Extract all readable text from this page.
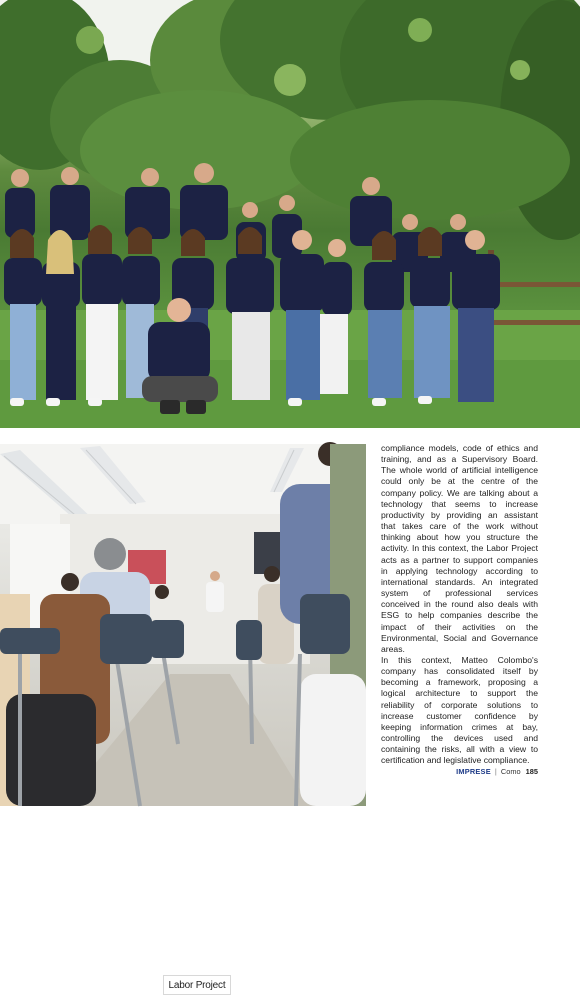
Labor Project

compliance models, code of ethics and training, and as a Supervisory Board. The whole world of artificial intelligence could only be at the centre of the company policy. We are talking about a technology that seems to increase productivity by providing an assistant that takes care of the work without thinking about how you structure the activity. In this context, the Labor Project acts as a partner to support companies in applying technology according to international standards. An integrated system of professional services conceived in the round also deals with ESG to help companies describe the impact of their activities on the Environmental, Social and Governance areas.

In this context, Matteo Colombo's company has consolidated itself by becoming a framework, proposing a logical architecture to support the reliability of corporate solutions to increase customer confidence by keeping information crimes at bay, controlling the devices used and containing the risks, all with a view to certification and legislative compliance.

IMPRESE | Como 185
